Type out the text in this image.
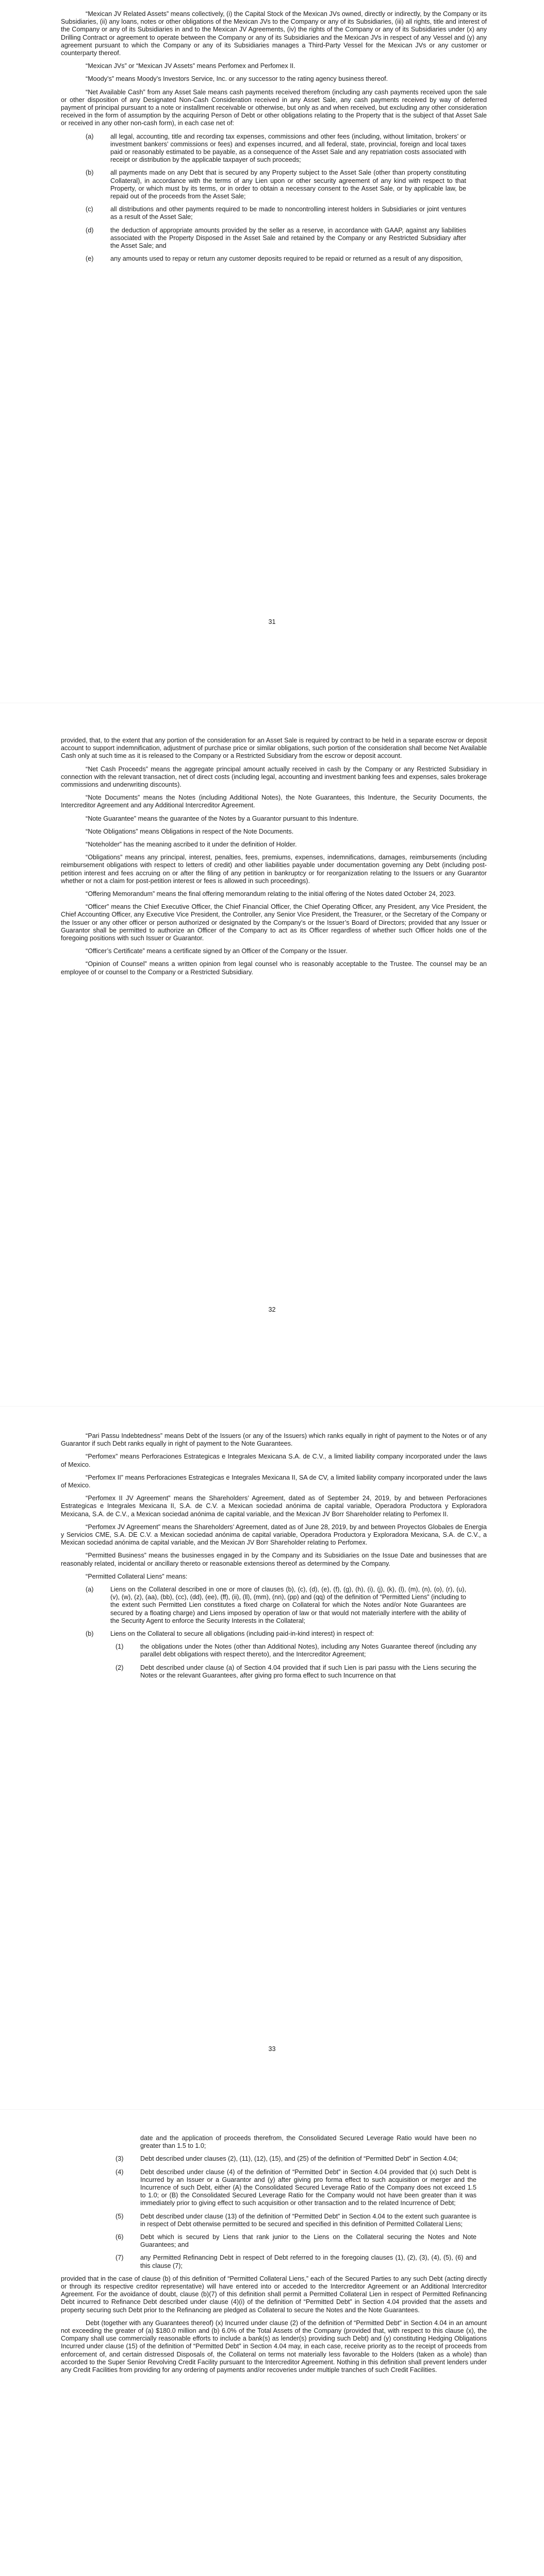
“Mexican JV Related Assets” means collectively, (i) the Capital Stock of the Mexican JVs owned, directly or indirectly, by the Company or its Subsidiaries, (ii) any loans, notes or other obligations of the Mexican JVs to the Company or any of its Subsidiaries, (iii) all rights, title and interest of the Company or any of its Subsidiaries in and to the Mexican JV Agreements, (iv) the rights of the Company or any of its Subsidiaries under (x) any Drilling Contract or agreement to operate between the Company or any of its Subsidiaries and the Mexican JVs in respect of any Vessel and (y) any agreement pursuant to which the Company or any of its Subsidiaries manages a Third-Party Vessel for the Mexican JVs or any customer or counterparty thereof.

“Mexican JVs” or “Mexican JV Assets” means Perfomex and Perfomex II.

“Moody’s” means Moody’s Investors Service, Inc. or any successor to the rating agency business thereof.

“Net Available Cash” from any Asset Sale means cash payments received therefrom (including any cash payments received upon the sale or other disposition of any Designated Non-Cash Consideration received in any Asset Sale, any cash payments received by way of deferred payment of principal pursuant to a note or installment receivable or otherwise, but only as and when received, but excluding any other consideration received in the form of assumption by the acquiring Person of Debt or other obligations relating to the Property that is the subject of that Asset Sale or received in any other non-cash form), in each case net of:

(a)	all legal, accounting, title and recording tax expenses, commissions and other fees (including, without limitation, brokers’ or investment bankers’ commissions or fees) and expenses incurred, and all federal, state, provincial, foreign and local taxes paid or reasonably estimated to be payable, as a consequence of the Asset Sale and any repatriation costs associated with receipt or distribution by the applicable taxpayer of such proceeds;
(b)	all payments made on any Debt that is secured by any Property subject to the Asset Sale (other than property constituting Collateral), in accordance with the terms of any Lien upon or other security agreement of any kind with respect to that Property, or which must by its terms, or in order to obtain a necessary consent to the Asset Sale, or by applicable law, be repaid out of the proceeds from the Asset Sale;
(c)	all distributions and other payments required to be made to noncontrolling interest holders in Subsidiaries or joint ventures as a result of the Asset Sale;
(d)	the deduction of appropriate amounts provided by the seller as a reserve, in accordance with GAAP, against any liabilities associated with the Property Disposed in the Asset Sale and retained by the Company or any Restricted Subsidiary after the Asset Sale; and
(e)	any amounts used to repay or return any customer deposits required to be repaid or returned as a result of any disposition,
31

provided, that, to the extent that any portion of the consideration for an Asset Sale is required by contract to be held in a separate escrow or deposit account to support indemnification, adjustment of purchase price or similar obligations, such portion of the consideration shall become Net Available Cash only at such time as it is released to the Company or a Restricted Subsidiary from the escrow or deposit account.

“Net Cash Proceeds” means the aggregate principal amount actually received in cash by the Company or any Restricted Subsidiary in connection with the relevant transaction, net of direct costs (including legal, accounting and investment banking fees and expenses, sales brokerage commissions and underwriting discounts).

“Note Documents” means the Notes (including Additional Notes), the Note Guarantees, this Indenture, the Security Documents, the Intercreditor Agreement and any Additional Intercreditor Agreement.

“Note Guarantee” means the guarantee of the Notes by a Guarantor pursuant to this Indenture.

“Note Obligations” means Obligations in respect of the Note Documents.

“Noteholder” has the meaning ascribed to it under the definition of Holder.

“Obligations” means any principal, interest, penalties, fees, premiums, expenses, indemnifications, damages, reimbursements (including reimbursement obligations with respect to letters of credit) and other liabilities payable under documentation governing any Debt (including post-petition interest and fees accruing on or after the filing of any petition in bankruptcy or for reorganization relating to the Issuers or any Guarantor whether or not a claim for post-petition interest or fees is allowed in such proceedings).

“Offering Memorandum” means the final offering memorandum relating to the initial offering of the Notes dated October 24, 2023.

“Officer” means the Chief Executive Officer, the Chief Financial Officer, the Chief Operating Officer, any President, any Vice President, the Chief Accounting Officer, any Executive Vice President, the Controller, any Senior Vice President, the Treasurer, or the Secretary of the Company or the Issuer or any other officer or person authorized or designated by the Company’s or the Issuer’s Board of Directors; provided that any Issuer or Guarantor shall be permitted to authorize an Officer of the Company to act as its Officer regardless of whether such Officer holds one of the foregoing positions with such Issuer or Guarantor.

“Officer’s Certificate” means a certificate signed by an Officer of the Company or the Issuer.

“Opinion of Counsel” means a written opinion from legal counsel who is reasonably acceptable to the Trustee. The counsel may be an employee of or counsel to the Company or a Restricted Subsidiary.

32

“Pari Passu Indebtedness” means Debt of the Issuers (or any of the Issuers) which ranks equally in right of payment to the Notes or of any Guarantor if such Debt ranks equally in right of payment to the Note Guarantees.

“Perfomex” means Perforaciones Estrategicas e Integrales Mexicana S.A. de C.V., a limited liability company incorporated under the laws of Mexico.

“Perfomex II” means Perforaciones Estrategicas e Integrales Mexicana II, SA de CV, a limited liability company incorporated under the laws of Mexico.

“Perfomex II JV Agreement” means the Shareholders’ Agreement, dated as of September 24, 2019, by and between Perforaciones Estrategicas e Integrales Mexicana II, S.A. de C.V. a Mexican sociedad anónima de capital variable, Operadora Productora y Exploradora Mexicana, S.A. de C.V., a Mexican sociedad anónima de capital variable, and the Mexican JV Borr Shareholder relating to Perfomex II.

“Perfomex JV Agreement” means the Shareholders’ Agreement, dated as of June 28, 2019, by and between Proyectos Globales de Energia y Servicios CME, S.A. DE C.V. a Mexican sociedad anónima de capital variable, Operadora Productora y Exploradora Mexicana, S.A. de C.V., a Mexican sociedad anónima de capital variable, and the Mexican JV Borr Shareholder relating to Perfomex.

“Permitted Business” means the businesses engaged in by the Company and its Subsidiaries on the Issue Date and businesses that are reasonably related, incidental or ancillary thereto or reasonable extensions thereof as determined by the Company.

“Permitted Collateral Liens” means:

(a)	Liens on the Collateral described in one or more of clauses (b), (c), (d), (e), (f), (g), (h), (i), (j), (k), (l), (m), (n), (o), (r), (u), (v), (w), (z), (aa), (bb), (cc), (dd), (ee), (ff), (ii), (ll), (mm), (nn), (pp) and (qq) of the definition of “Permitted Liens” (including to the extent such Permitted Lien constitutes a fixed charge on Collateral for which the Notes and/or Note Guarantees are secured by a floating charge) and Liens imposed by operation of law or that would not materially interfere with the ability of the Security Agent to enforce the Security Interests in the Collateral;
(b)	Liens on the Collateral to secure all obligations (including paid-in-kind interest) in respect of:
(1)	the obligations under the Notes (other than Additional Notes), including any Notes Guarantee thereof (including any parallel debt obligations with respect thereto), and the Intercreditor Agreement;
(2)	Debt described under clause (a) of Section 4.04 provided that if such Lien is pari passu with the Liens securing the Notes or the relevant Guarantees, after giving pro forma effect to such Incurrence on that
33
date and the application of proceeds therefrom, the Consolidated Secured Leverage Ratio would have been no greater than 1.5 to 1.0;
(3)	Debt described under clauses (2), (11), (12), (15), and (25) of the definition of “Permitted Debt” in Section 4.04;
(4)	Debt described under clause (4) of the definition of “Permitted Debt” in Section 4.04 provided that (x) such Debt is Incurred by an Issuer or a Guarantor and (y) after giving pro forma effect to such acquisition or merger and the Incurrence of such Debt, either (A) the Consolidated Secured Leverage Ratio of the Company does not exceed 1.5 to 1.0; or (B) the Consolidated Secured Leverage Ratio for the Company would not have been greater than it was immediately prior to giving effect to such acquisition or other transaction and to the related Incurrence of Debt;
(5)	Debt described under clause (13) of the definition of “Permitted Debt” in Section 4.04 to the extent such guarantee is in respect of Debt otherwise permitted to be secured and specified in this definition of Permitted Collateral Liens;
(6)	Debt which is secured by Liens that rank junior to the Liens on the Collateral securing the Notes and Note Guarantees; and
(7)	any Permitted Refinancing Debt in respect of Debt referred to in the foregoing clauses (1), (2), (3), (4), (5), (6) and this clause (7);

provided that in the case of clause (b) of this definition of “Permitted Collateral Liens,” each of the Secured Parties to any such Debt (acting directly or through its respective creditor representative) will have entered into or acceded to the Intercreditor Agreement or an Additional Intercreditor Agreement. For the avoidance of doubt, clause (b)(7) of this definition shall permit a Permitted Collateral Lien in respect of Permitted Refinancing Debt incurred to Refinance Debt described under clause (4)(i) of the definition of “Permitted Debt” in Section 4.04 provided that the assets and property securing such Debt prior to the Refinancing are pledged as Collateral to secure the Notes and the Note Guarantees.

Debt (together with any Guarantees thereof) (x) Incurred under clause (2) of the definition of “Permitted Debt” in Section 4.04 in an amount not exceeding the greater of (a) $180.0 million and (b) 6.0% of the Total Assets of the Company (provided that, with respect to this clause (x), the Company shall use commercially reasonable efforts to include a bank(s) as lender(s) providing such Debt) and (y) constituting Hedging Obligations Incurred under clause (15) of the definition of “Permitted Debt” in Section 4.04 may, in each case, receive priority as to the receipt of proceeds from enforcement of, and certain distressed Disposals of, the Collateral on terms not materially less favorable to the Holders (taken as a whole) than accorded to the Super Senior Revolving Credit Facility pursuant to the Intercreditor Agreement. Nothing in this definition shall prevent lenders under any Credit Facilities from providing for any ordering of payments and/or recoveries under multiple tranches of such Credit Facilities.
